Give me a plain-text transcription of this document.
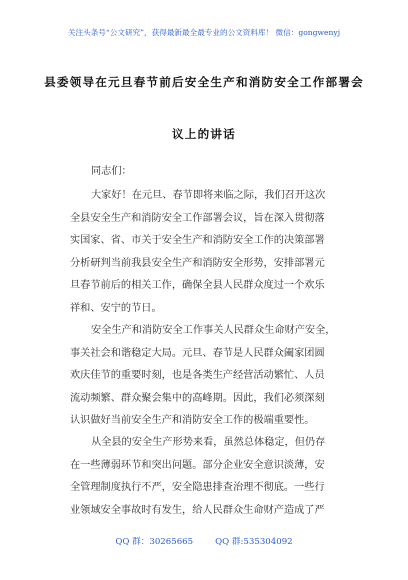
关注头条号“公文研究”，获得最新最全最专业的公文资料库！ 微信：gongwenyj
县委领导在元旦春节前后安全生产和消防安全工作部署会
议上的讲话
同志们：
大家好！在元旦、春节即将来临之际，我们召开这次
全县安全生产和消防安全工作部署会议，旨在深入贯彻落
实国家、省、市关于安全生产和消防安全工作的决策部署
分析研判当前我县安全生产和消防安全形势，安排部署元
旦春节前后的相关工作，确保全县人民群众度过一个欢乐
祥和、安宁的节日。
安全生产和消防安全工作事关人民群众生命财产安全，
事关社会和谐稳定大局。元旦、春节是人民群众阖家团圆
欢庆佳节的重要时刻，也是各类生产经营活动繁忙、人员
流动频繁、群众聚会集中的高峰期。因此，我们必须深刻
认识做好当前安全生产和消防安全工作的极端重要性。
从全县的安全生产形势来看，虽然总体稳定，但仍存
在一些薄弱环节和突出问题。部分企业安全意识淡薄，安
全管理制度执行不严，安全隐患排查治理不彻底。一些行
业领域安全事故时有发生，给人民群众生命财产造成了严
QQ 群：30265665	QQ 群:535304092
